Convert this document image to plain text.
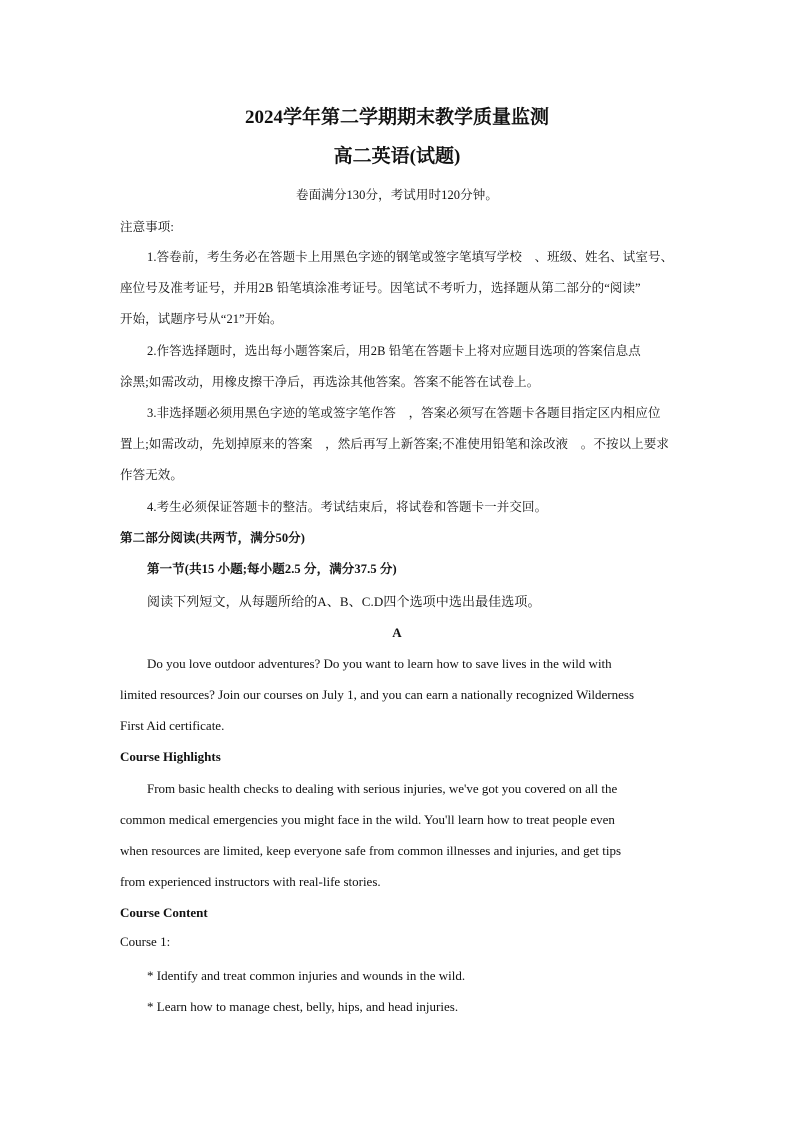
2024学年第二学期期末教学质量监测
高二英语(试题)
卷面满分130分，考试用时120分钟。
注意事项:
1.答卷前，考生务必在答题卡上用黑色字迹的钢笔或签字笔填写学校　、班级、姓名、试室号、
座位号及准考证号，并用2B 铅笔填涂准考证号。因笔试不考听力，选择题从第二部分的“阅读”
开始，试题序号从“21”开始。
2.作答选择题时，选出每小题答案后，用2B 铅笔在答题卡上将对应题目选项的答案信息点
涂黑;如需改动，用橡皮擦干净后，再选涂其他答案。答案不能答在试卷上。
3.非选择题必须用黑色字迹的笔或签字笔作答　，答案必须写在答题卡各题目指定区内相应位
置上;如需改动，先划掉原来的答案　，然后再写上新答案;不准使用铅笔和涂改液　。不按以上要求
作答无效。
4.考生必须保证答题卡的整洁。考试结束后，将试卷和答题卡一并交回。
第二部分阅读(共两节，满分50分)
第一节(共15 小题;每小题2.5 分，满分37.5 分)
阅读下列短文，从每题所给的A、B、C.D四个选项中选出最佳选项。
A
Do you love outdoor adventures? Do you want to learn how to save lives in the wild with
limited resources? Join our courses on July 1, and you can earn a nationally recognized Wilderness
First Aid certificate.
Course Highlights
From basic health checks to dealing with serious injuries, we've got you covered on all the
common medical emergencies you might face in the wild. You'll learn how to treat people even
when resources are limited, keep everyone safe from common illnesses and injuries, and get tips
from experienced instructors with real-life stories.
Course Content
Course 1:
* Identify and treat common injuries and wounds in the wild.
* Learn how to manage chest, belly, hips, and head injuries.
